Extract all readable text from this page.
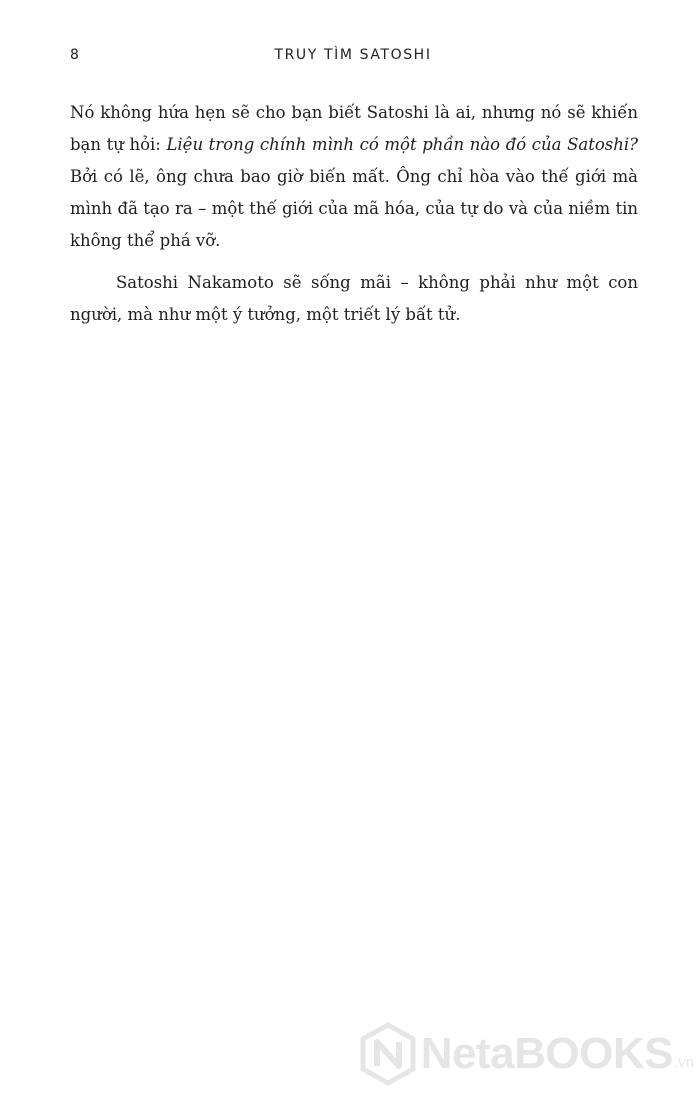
8	TRUY TÌM SATOSHI

Nó không hứa hẹn sẽ cho bạn biết Satoshi là ai, nhưng nó sẽ khiến bạn tự hỏi: Liệu trong chính mình có một phần nào đó của Satoshi? Bởi có lẽ, ông chưa bao giờ biến mất. Ông chỉ hòa vào thế giới mà mình đã tạo ra – một thế giới của mã hóa, của tự do và của niềm tin không thể phá vỡ.

Satoshi Nakamoto sẽ sống mãi – không phải như một con người, mà như một ý tưởng, một triết lý bất tử.

NetaBOOKS .vn
